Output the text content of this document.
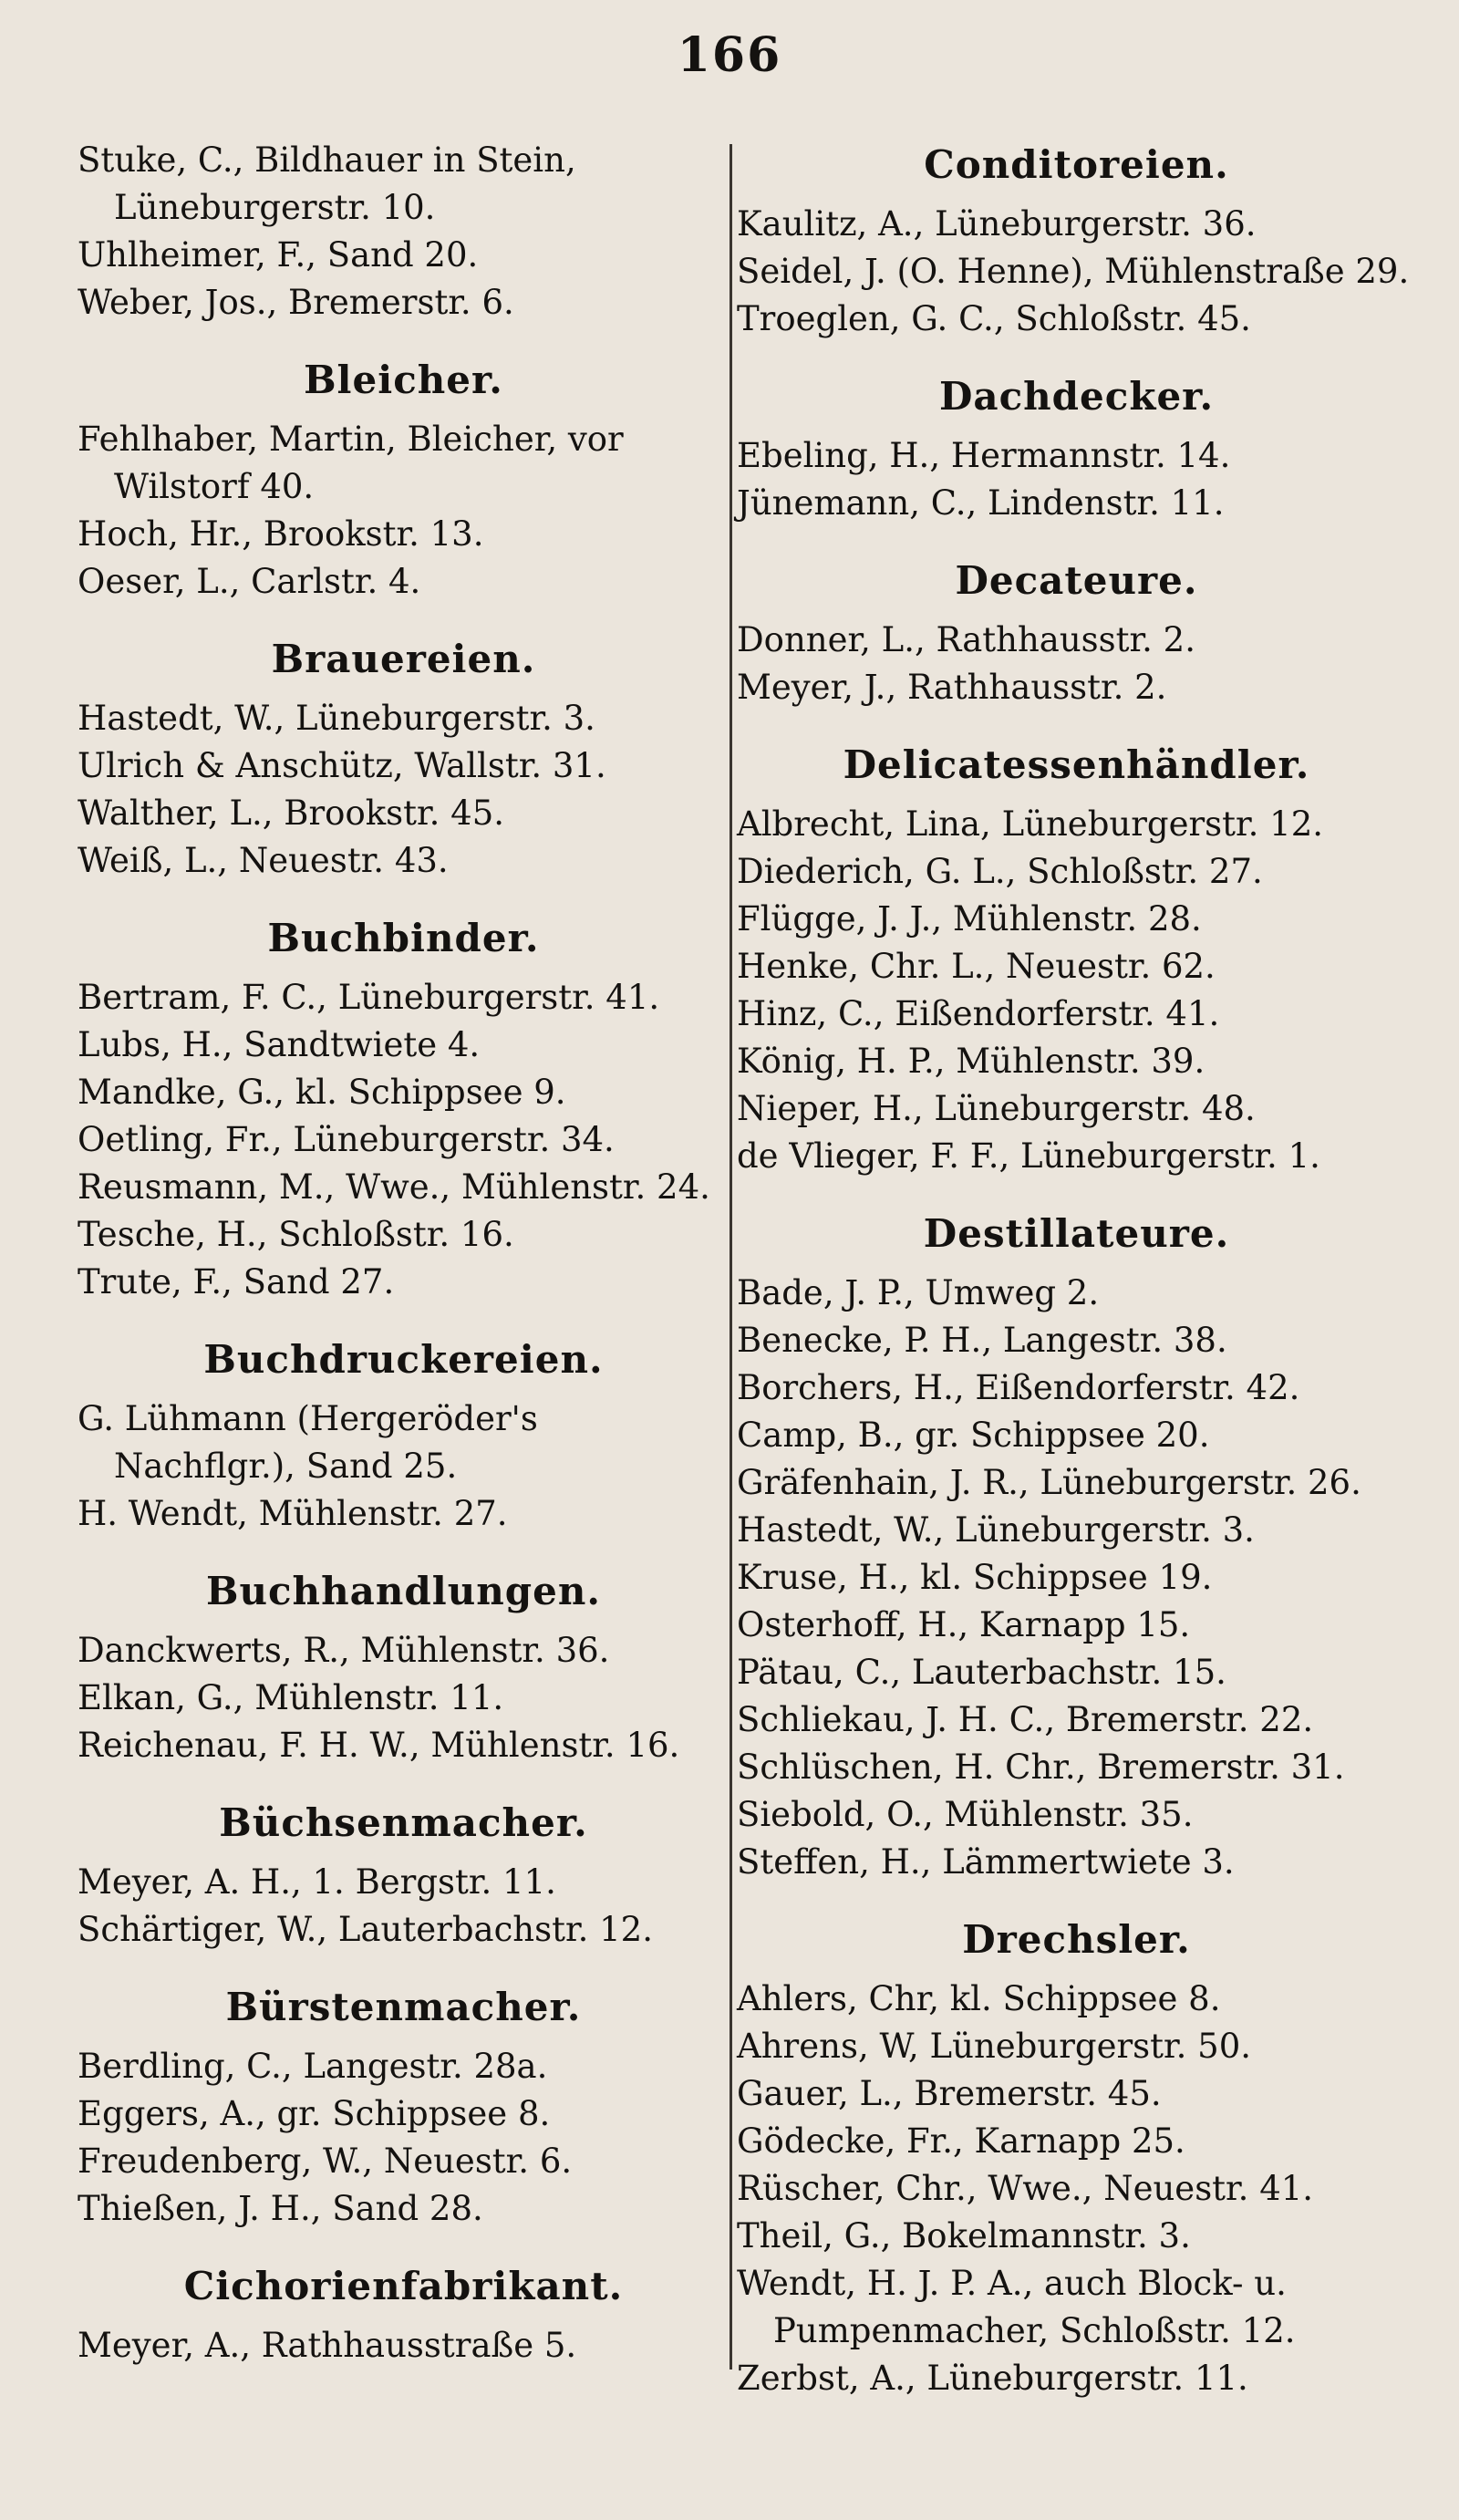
166
Stuke, C., Bildhauer in Stein, Lüneburgerstr. 10.
Uhlheimer, F., Sand 20.
Weber, Jos., Bremerstr. 6.
Bleicher.
Fehlhaber, Martin, Bleicher, vor Wilstorf 40.
Hoch, Hr., Brookstr. 13.
Oeser, L., Carlstr. 4.
Brauereien.
Hastedt, W., Lüneburgerstr. 3.
Ulrich & Anschütz, Wallstr. 31.
Walther, L., Brookstr. 45.
Weiß, L., Neuestr. 43.
Buchbinder.
Bertram, F. C., Lüneburgerstr. 41.
Lubs, H., Sandtwiete 4.
Mandke, G., kl. Schippsee 9.
Oetling, Fr., Lüneburgerstr. 34.
Reusmann, M., Wwe., Mühlenstr. 24.
Tesche, H., Schloßstr. 16.
Trute, F., Sand 27.
Buchdruckereien.
G. Lühmann (Hergeröder's Nachflgr.), Sand 25.
H. Wendt, Mühlenstr. 27.
Buchhandlungen.
Danckwerts, R., Mühlenstr. 36.
Elkan, G., Mühlenstr. 11.
Reichenau, F. H. W., Mühlenstr. 16.
Büchsenmacher.
Meyer, A. H., 1. Bergstr. 11.
Schärtiger, W., Lauterbachstr. 12.
Bürstenmacher.
Berdling, C., Langestr. 28a.
Eggers, A., gr. Schippsee 8.
Freudenberg, W., Neuestr. 6.
Thießen, J. H., Sand 28.
Cichorienfabrikant.
Meyer, A., Rathhausstraße 5.
Conditoreien.
Kaulitz, A., Lüneburgerstr. 36.
Seidel, J. (O. Henne), Mühlenstraße 29.
Troeglen, G. C., Schloßstr. 45.
Dachdecker.
Ebeling, H., Hermannstr. 14.
Jünemann, C., Lindenstr. 11.
Decateure.
Donner, L., Rathhausstr. 2.
Meyer, J., Rathhausstr. 2.
Delicatessenhändler.
Albrecht, Lina, Lüneburgerstr. 12.
Diederich, G. L., Schloßstr. 27.
Flügge, J. J., Mühlenstr. 28.
Henke, Chr. L., Neuestr. 62.
Hinz, C., Eißendorferstr. 41.
König, H. P., Mühlenstr. 39.
Nieper, H., Lüneburgerstr. 48.
de Vlieger, F. F., Lüneburgerstr. 1.
Destillateure.
Bade, J. P., Umweg 2.
Benecke, P. H., Langestr. 38.
Borchers, H., Eißendorferstr. 42.
Camp, B., gr. Schippsee 20.
Gräfenhain, J. R., Lüneburgerstr. 26.
Hastedt, W., Lüneburgerstr. 3.
Kruse, H., kl. Schippsee 19.
Osterhoff, H., Karnapp 15.
Pätau, C., Lauterbachstr. 15.
Schliekau, J. H. C., Bremerstr. 22.
Schlüschen, H. Chr., Bremerstr. 31.
Siebold, O., Mühlenstr. 35.
Steffen, H., Lämmertwiete 3.
Drechsler.
Ahlers, Chr, kl. Schippsee 8.
Ahrens, W, Lüneburgerstr. 50.
Gauer, L., Bremerstr. 45.
Gödecke, Fr., Karnapp 25.
Rüscher, Chr., Wwe., Neuestr. 41.
Theil, G., Bokelmannstr. 3.
Wendt, H. J. P. A., auch Block- u. Pumpenmacher, Schloßstr. 12.
Zerbst, A., Lüneburgerstr. 11.
